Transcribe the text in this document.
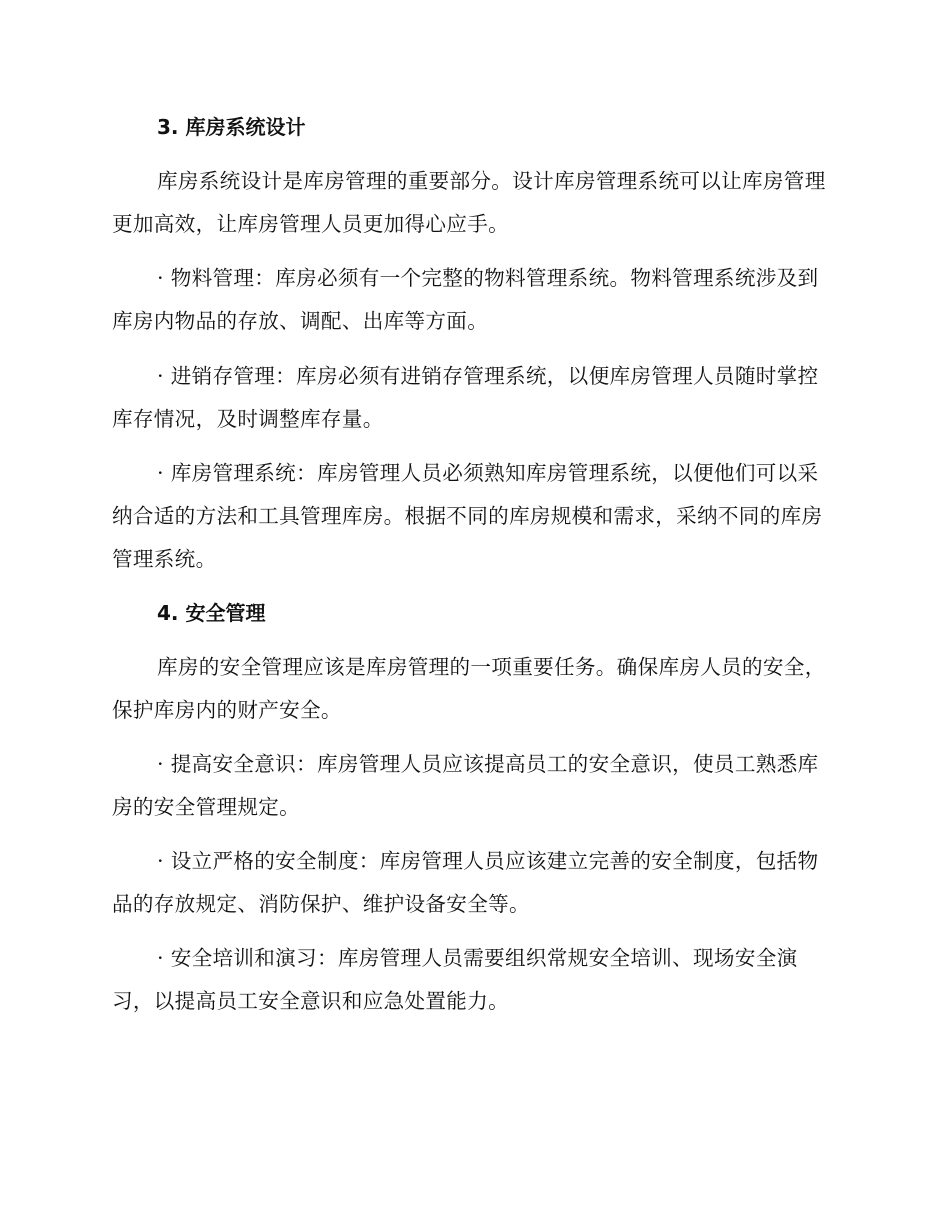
3. 库房系统设计
库房系统设计是库房管理的重要部分。设计库房管理系统可以让库房管理更加高效，让库房管理人员更加得心应手。
· 物料管理：库房必须有一个完整的物料管理系统。物料管理系统涉及到库房内物品的存放、调配、出库等方面。
· 进销存管理：库房必须有进销存管理系统，以便库房管理人员随时掌控库存情况，及时调整库存量。
· 库房管理系统：库房管理人员必须熟知库房管理系统，以便他们可以采纳合适的方法和工具管理库房。根据不同的库房规模和需求，采纳不同的库房管理系统。
4. 安全管理
库房的安全管理应该是库房管理的一项重要任务。确保库房人员的安全，保护库房内的财产安全。
· 提高安全意识：库房管理人员应该提高员工的安全意识，使员工熟悉库房的安全管理规定。
· 设立严格的安全制度：库房管理人员应该建立完善的安全制度，包括物品的存放规定、消防保护、维护设备安全等。
· 安全培训和演习：库房管理人员需要组织常规安全培训、现场安全演习，以提高员工安全意识和应急处置能力。
